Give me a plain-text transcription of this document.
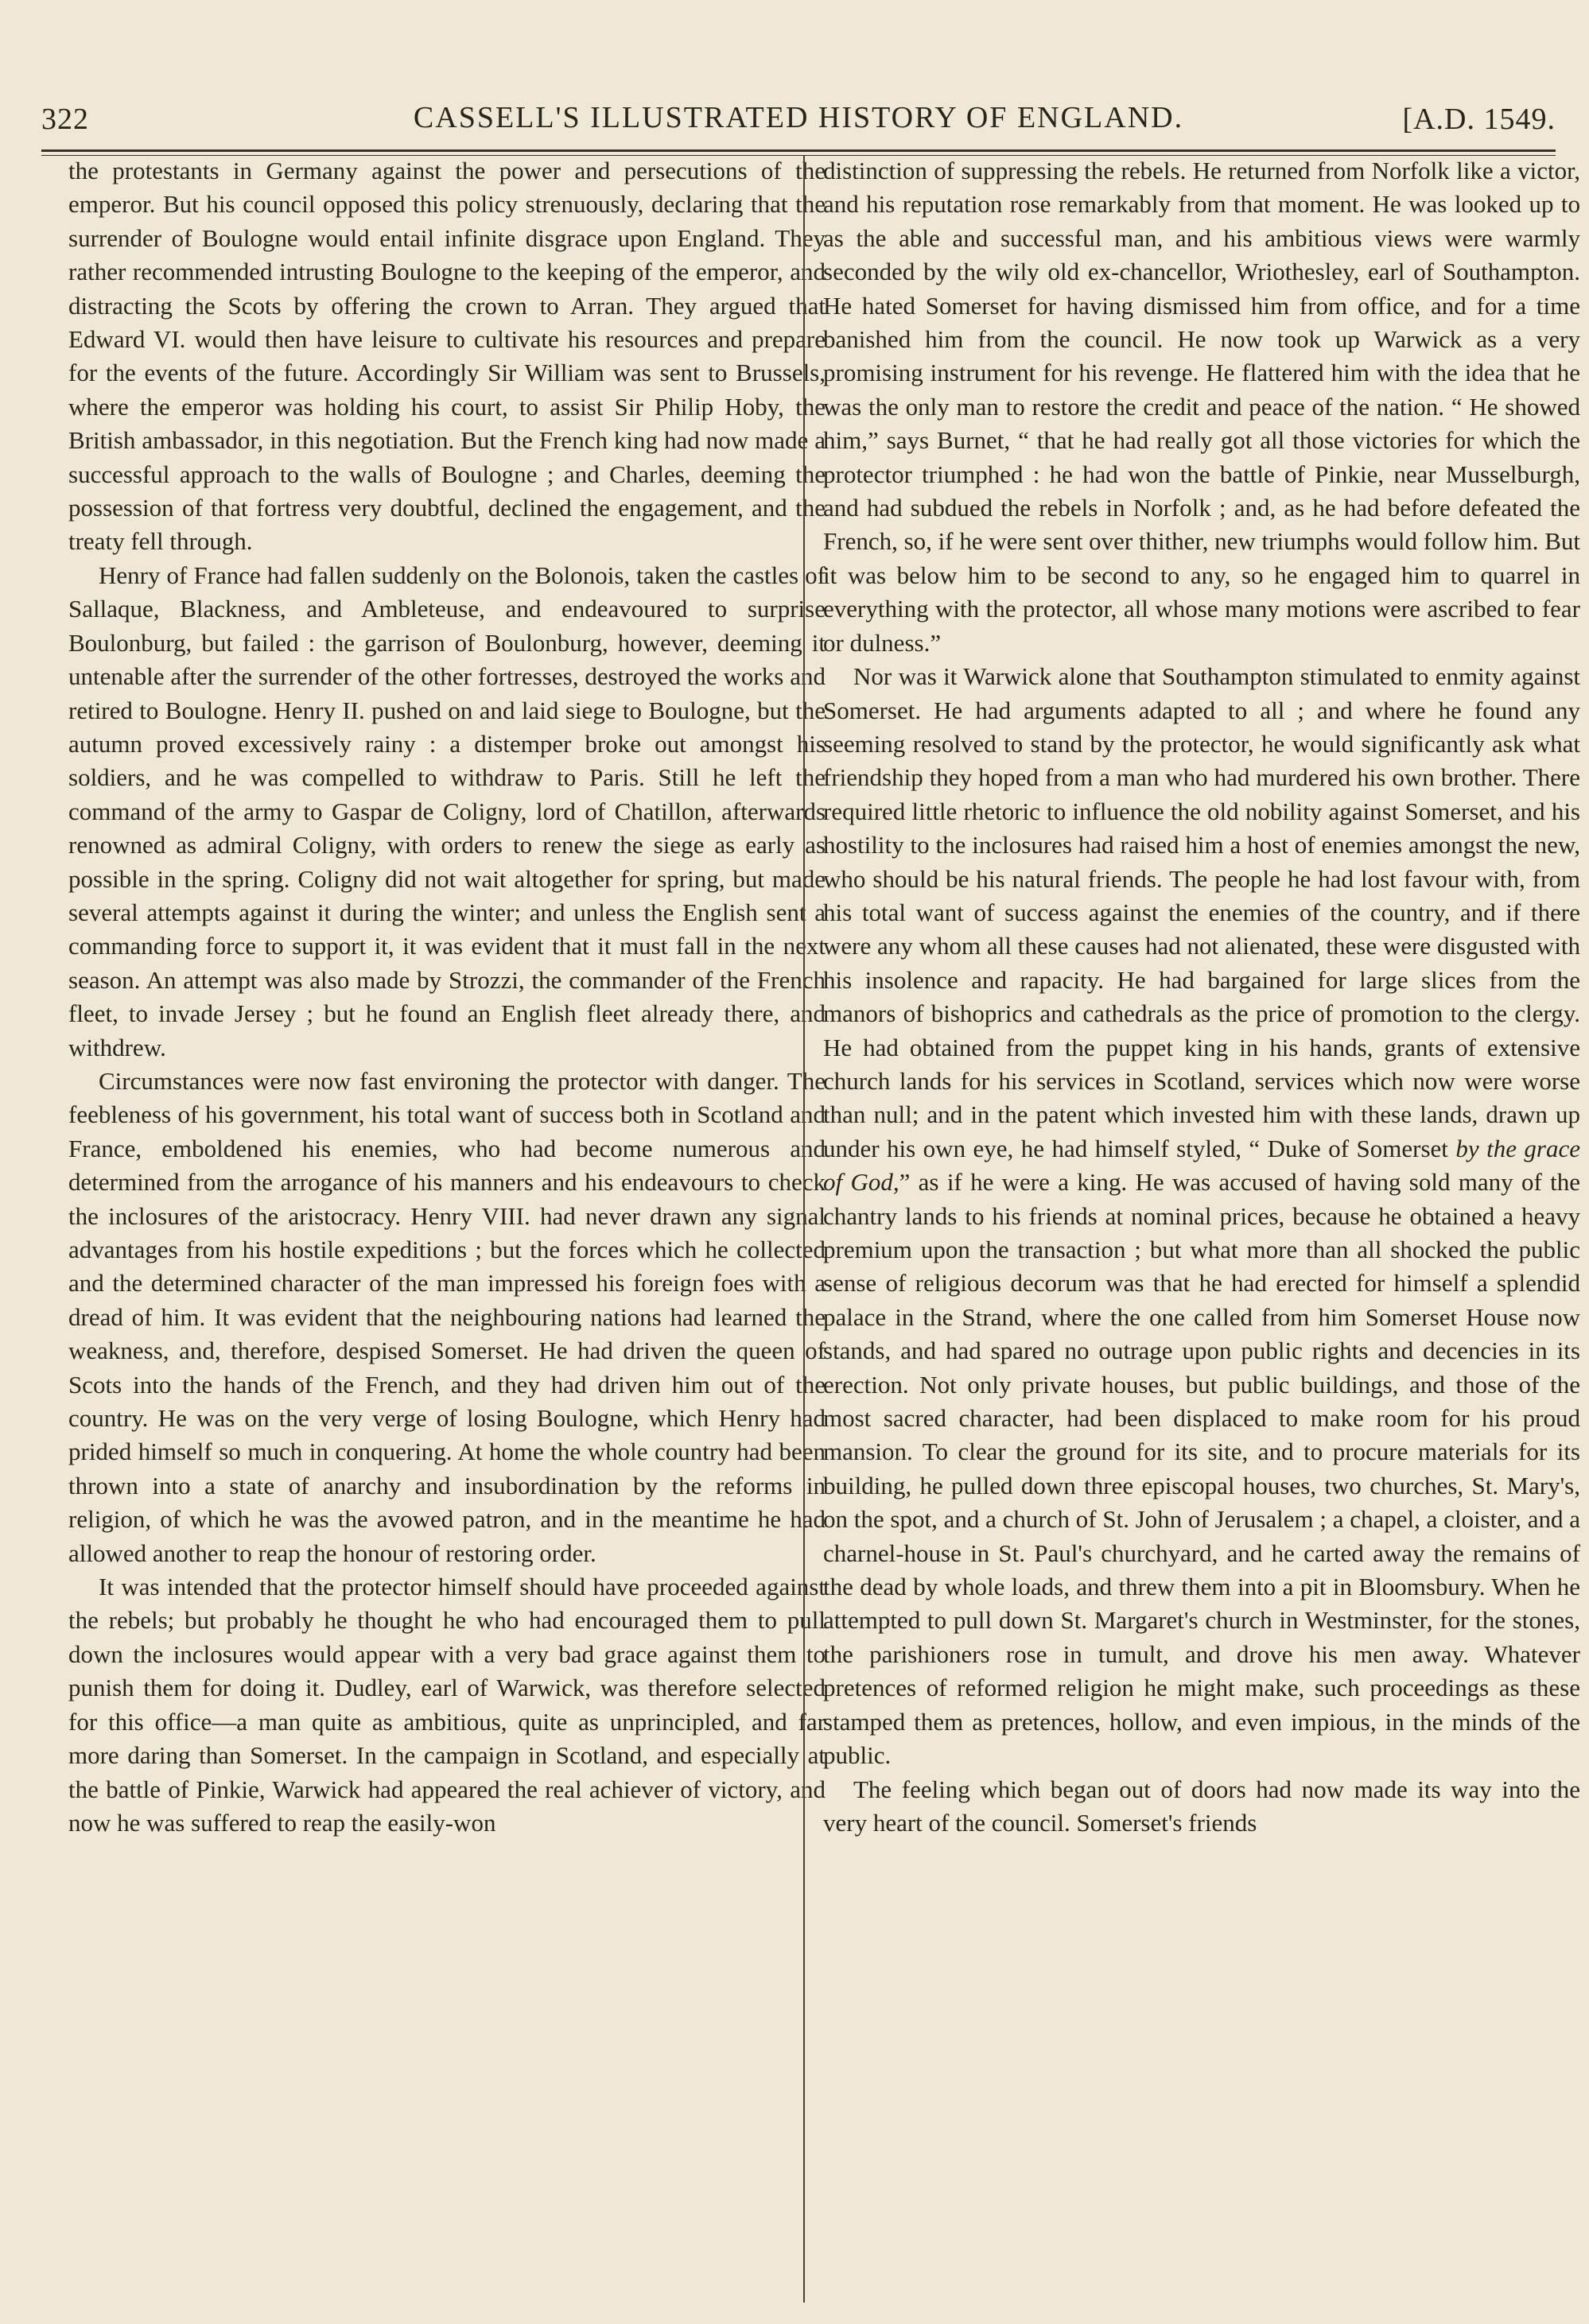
322	CASSELL'S ILLUSTRATED HISTORY OF ENGLAND.	[A.D. 1549.

the protestants in Germany against the power and persecutions of the emperor. But his council opposed this policy strenuously, declaring that the surrender of Boulogne would entail infinite disgrace upon England. They rather recommended intrusting Boulogne to the keeping of the emperor, and distracting the Scots by offering the crown to Arran. They argued that Edward VI. would then have leisure to cultivate his resources and prepare for the events of the future. Accordingly Sir William was sent to Brussels, where the emperor was holding his court, to assist Sir Philip Hoby, the British ambassador, in this negotiation. But the French king had now made a successful approach to the walls of Boulogne ; and Charles, deeming the possession of that fortress very doubtful, declined the engagement, and the treaty fell through.

Henry of France had fallen suddenly on the Bolonois, taken the castles of Sallaque, Blackness, and Ambleteuse, and endeavoured to surprise Boulonburg, but failed : the garrison of Boulonburg, however, deeming it untenable after the surrender of the other fortresses, destroyed the works and retired to Boulogne. Henry II. pushed on and laid siege to Boulogne, but the autumn proved excessively rainy : a distemper broke out amongst his soldiers, and he was compelled to withdraw to Paris. Still he left the command of the army to Gaspar de Coligny, lord of Chatillon, afterwards renowned as admiral Coligny, with orders to renew the siege as early as possible in the spring. Coligny did not wait altogether for spring, but made several attempts against it during the winter; and unless the English sent a commanding force to support it, it was evident that it must fall in the next season. An attempt was also made by Strozzi, the commander of the French fleet, to invade Jersey ; but he found an English fleet already there, and withdrew.

Circumstances were now fast environing the protector with danger. The feebleness of his government, his total want of success both in Scotland and France, emboldened his enemies, who had become numerous and determined from the arrogance of his manners and his endeavours to check the inclosures of the aristocracy. Henry VIII. had never drawn any signal advantages from his hostile expeditions ; but the forces which he collected and the determined character of the man impressed his foreign foes with a dread of him. It was evident that the neighbouring nations had learned the weakness, and, therefore, despised Somerset. He had driven the queen of Scots into the hands of the French, and they had driven him out of the country. He was on the very verge of losing Boulogne, which Henry had prided himself so much in conquering. At home the whole country had been thrown into a state of anarchy and insubordination by the reforms in religion, of which he was the avowed patron, and in the meantime he had allowed another to reap the honour of restoring order.

It was intended that the protector himself should have proceeded against the rebels; but probably he thought he who had encouraged them to pull down the inclosures would appear with a very bad grace against them to punish them for doing it. Dudley, earl of Warwick, was therefore selected for this office—a man quite as ambitious, quite as unprincipled, and far more daring than Somerset. In the campaign in Scotland, and especially at the battle of Pinkie, Warwick had appeared the real achiever of victory, and now he was suffered to reap the easily-won

distinction of suppressing the rebels. He returned from Norfolk like a victor, and his reputation rose remarkably from that moment. He was looked up to as the able and successful man, and his ambitious views were warmly seconded by the wily old ex-chancellor, Wriothesley, earl of Southampton. He hated Somerset for having dismissed him from office, and for a time banished him from the council. He now took up Warwick as a very promising instrument for his revenge. He flattered him with the idea that he was the only man to restore the credit and peace of the nation. “ He showed him,” says Burnet, “ that he had really got all those victories for which the protector triumphed : he had won the battle of Pinkie, near Musselburgh, and had subdued the rebels in Norfolk ; and, as he had before defeated the French, so, if he were sent over thither, new triumphs would follow him. But it was below him to be second to any, so he engaged him to quarrel in everything with the protector, all whose many motions were ascribed to fear or dulness.”

Nor was it Warwick alone that Southampton stimulated to enmity against Somerset. He had arguments adapted to all ; and where he found any seeming resolved to stand by the protector, he would significantly ask what friendship they hoped from a man who had murdered his own brother. There required little rhetoric to influence the old nobility against Somerset, and his hostility to the inclosures had raised him a host of enemies amongst the new, who should be his natural friends. The people he had lost favour with, from his total want of success against the enemies of the country, and if there were any whom all these causes had not alienated, these were disgusted with his insolence and rapacity. He had bargained for large slices from the manors of bishoprics and cathedrals as the price of promotion to the clergy. He had obtained from the puppet king in his hands, grants of extensive church lands for his services in Scotland, services which now were worse than null; and in the patent which invested him with these lands, drawn up under his own eye, he had himself styled, “ Duke of Somerset by the grace of God,” as if he were a king. He was accused of having sold many of the chantry lands to his friends at nominal prices, because he obtained a heavy premium upon the transaction ; but what more than all shocked the public sense of religious decorum was that he had erected for himself a splendid palace in the Strand, where the one called from him Somerset House now stands, and had spared no outrage upon public rights and decencies in its erection. Not only private houses, but public buildings, and those of the most sacred character, had been displaced to make room for his proud mansion. To clear the ground for its site, and to procure materials for its building, he pulled down three episcopal houses, two churches, St. Mary's, on the spot, and a church of St. John of Jerusalem ; a chapel, a cloister, and a charnel-house in St. Paul's churchyard, and he carted away the remains of the dead by whole loads, and threw them into a pit in Bloomsbury. When he attempted to pull down St. Margaret's church in Westminster, for the stones, the parishioners rose in tumult, and drove his men away. Whatever pretences of reformed religion he might make, such proceedings as these stamped them as pretences, hollow, and even impious, in the minds of the public.

The feeling which began out of doors had now made its way into the very heart of the council. Somerset's friends
